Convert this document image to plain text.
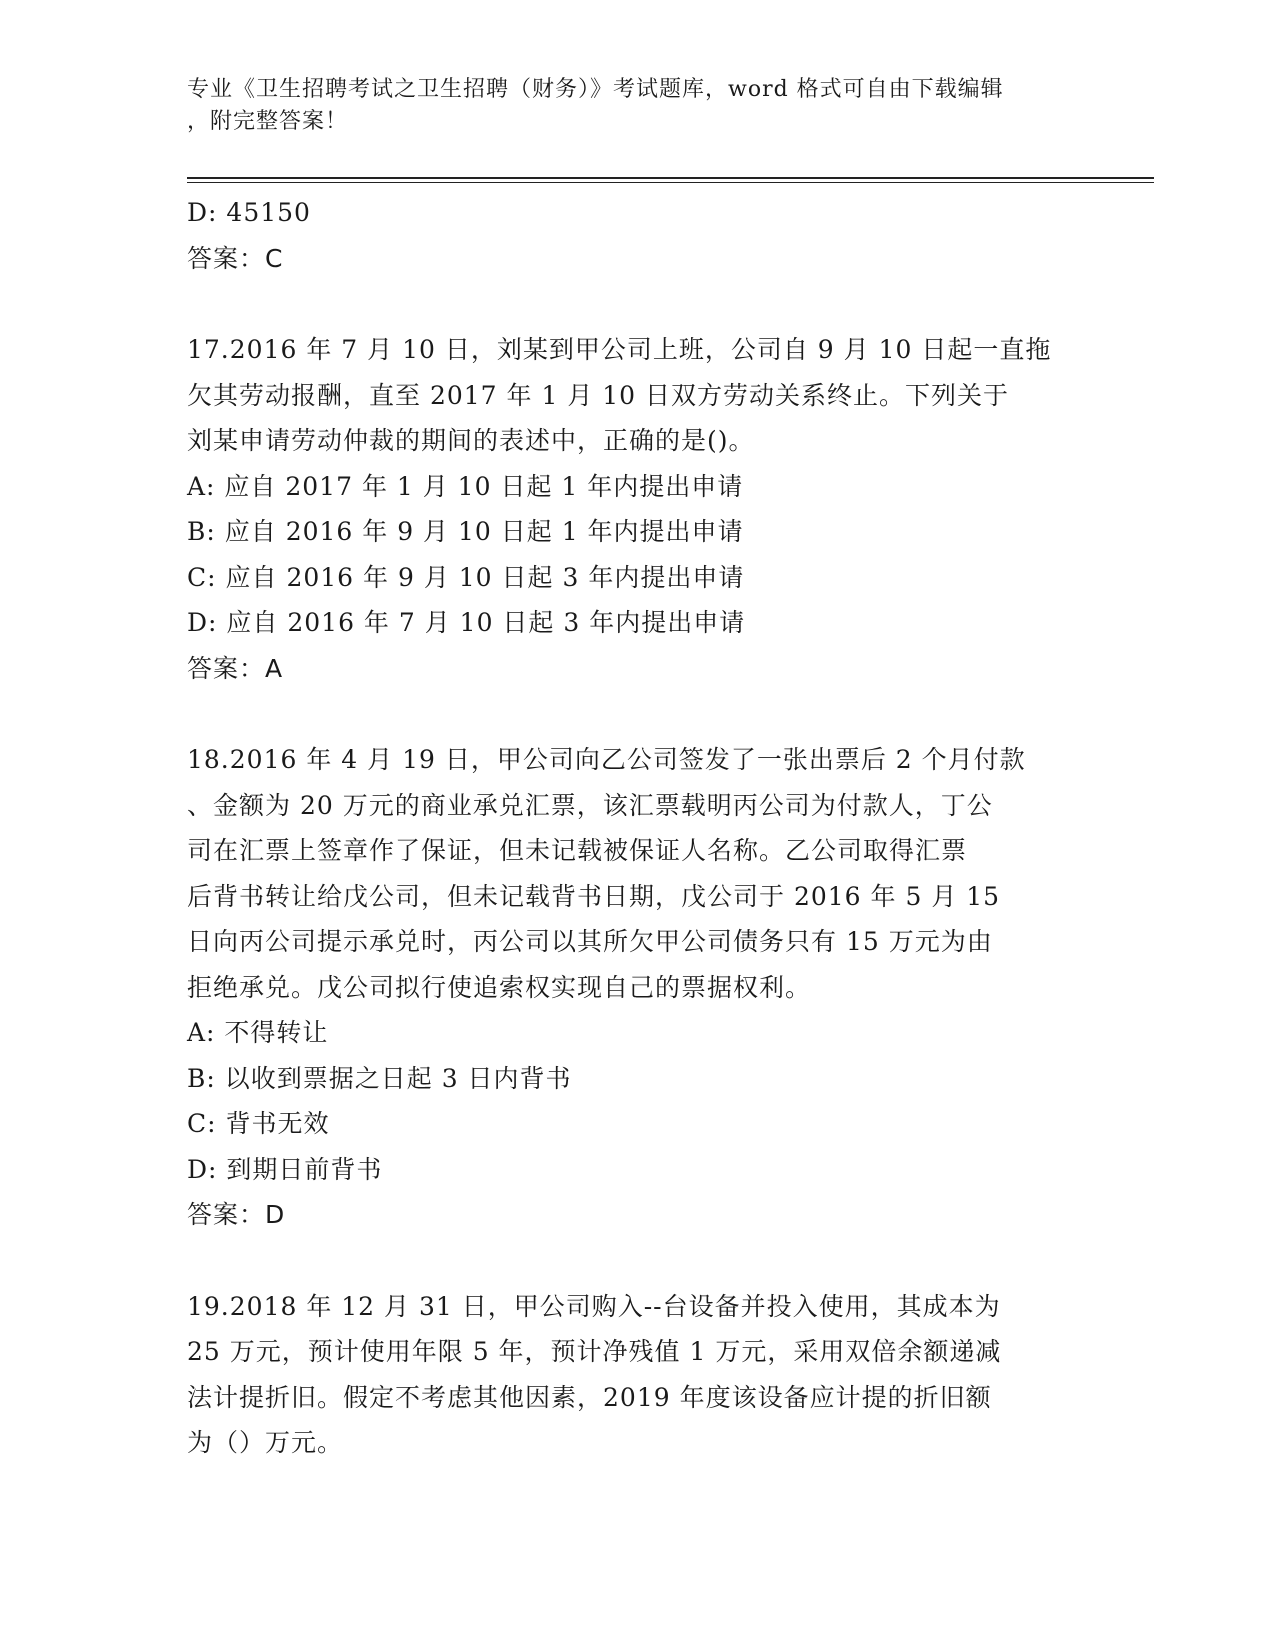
专业《卫生招聘考试之卫生招聘（财务）》考试题库，word 格式可自由下载编辑
，附完整答案！
D: 45150
答案：C
17.2016 年 7 月 10 日，刘某到甲公司上班，公司自 9 月 10 日起一直拖
欠其劳动报酬，直至 2017 年 1 月 10 日双方劳动关系终止。下列关于
刘某申请劳动仲裁的期间的表述中，正确的是()。
A: 应自 2017 年 1 月 10 日起 1 年内提出申请
B: 应自 2016 年 9 月 10 日起 1 年内提出申请
C: 应自 2016 年 9 月 10 日起 3 年内提出申请
D: 应自 2016 年 7 月 10 日起 3 年内提出申请
答案：A
18.2016 年 4 月 19 日，甲公司向乙公司签发了一张出票后 2 个月付款
、金额为 20 万元的商业承兑汇票，该汇票载明丙公司为付款人，丁公
司在汇票上签章作了保证，但未记载被保证人名称。乙公司取得汇票
后背书转让给戊公司，但未记载背书日期，戊公司于 2016 年 5 月 15
日向丙公司提示承兑时，丙公司以其所欠甲公司债务只有 15 万元为由
拒绝承兑。戊公司拟行使追索权实现自己的票据权利。
A: 不得转让
B: 以收到票据之日起 3 日内背书
C: 背书无效
D: 到期日前背书
答案：D
19.2018 年 12 月 31 日，甲公司购入--台设备并投入使用，其成本为
25 万元，预计使用年限 5 年，预计净残值 1 万元，采用双倍余额递减
法计提折旧。假定不考虑其他因素，2019 年度该设备应计提的折旧额
为（）万元。
